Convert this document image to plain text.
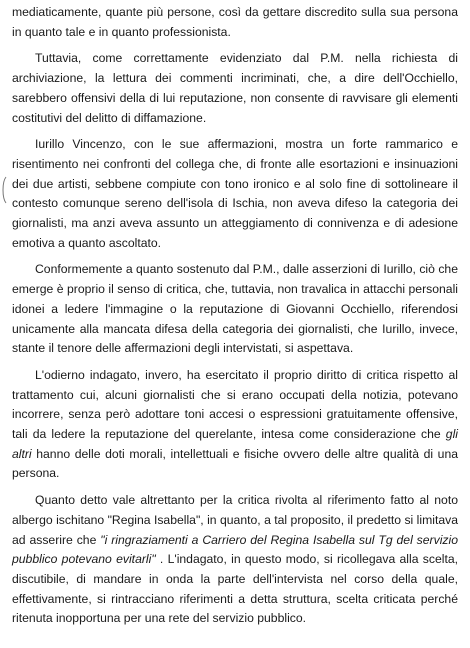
mediaticamente, quante più persone, così da gettare discredito sulla sua persona in quanto tale e in quanto professionista.

Tuttavia, come correttamente evidenziato dal P.M. nella richiesta di archiviazione, la lettura dei commenti incriminati, che, a dire dell'Occhiello, sarebbero offensivi della di lui reputazione, non consente di ravvisare gli elementi costitutivi del delitto di diffamazione.

Iurillo Vincenzo, con le sue affermazioni, mostra un forte rammarico e risentimento nei confronti del collega che, di fronte alle esortazioni e insinuazioni dei due artisti, sebbene compiute con tono ironico e al solo fine di sottolineare il contesto comunque sereno dell'isola di Ischia, non aveva difeso la categoria dei giornalisti, ma anzi aveva assunto un atteggiamento di connivenza e di adesione emotiva a quanto ascoltato.

Conformemente a quanto sostenuto dal P.M., dalle asserzioni di Iurillo, ciò che emerge è proprio il senso di critica, che, tuttavia, non travalica in attacchi personali idonei a ledere l'immagine o la reputazione di Giovanni Occhiello, riferendosi unicamente alla mancata difesa della categoria dei giornalisti, che Iurillo, invece, stante il tenore delle affermazioni degli intervistati, si aspettava.

L'odierno indagato, invero, ha esercitato il proprio diritto di critica rispetto al trattamento cui, alcuni giornalisti che si erano occupati della notizia, potevano incorrere, senza però adottare toni accesi o espressioni gratuitamente offensive, tali da ledere la reputazione del querelante, intesa come considerazione che gli altri hanno delle doti morali, intellettuali e fisiche ovvero delle altre qualità di una persona.

Quanto detto vale altrettanto per la critica rivolta al riferimento fatto al noto albergo ischitano "Regina Isabella", in quanto, a tal proposito, il predetto si limitava ad asserire che "i ringraziamenti a Carriero del Regina Isabella sul Tg del servizio pubblico potevano evitarli" . L'indagato, in questo modo, si ricollegava alla scelta, discutibile, di mandare in onda la parte dell'intervista nel corso della quale, effettivamente, si rintracciano riferimenti a detta struttura, scelta criticata perché ritenuta inopportuna per una rete del servizio pubblico.
